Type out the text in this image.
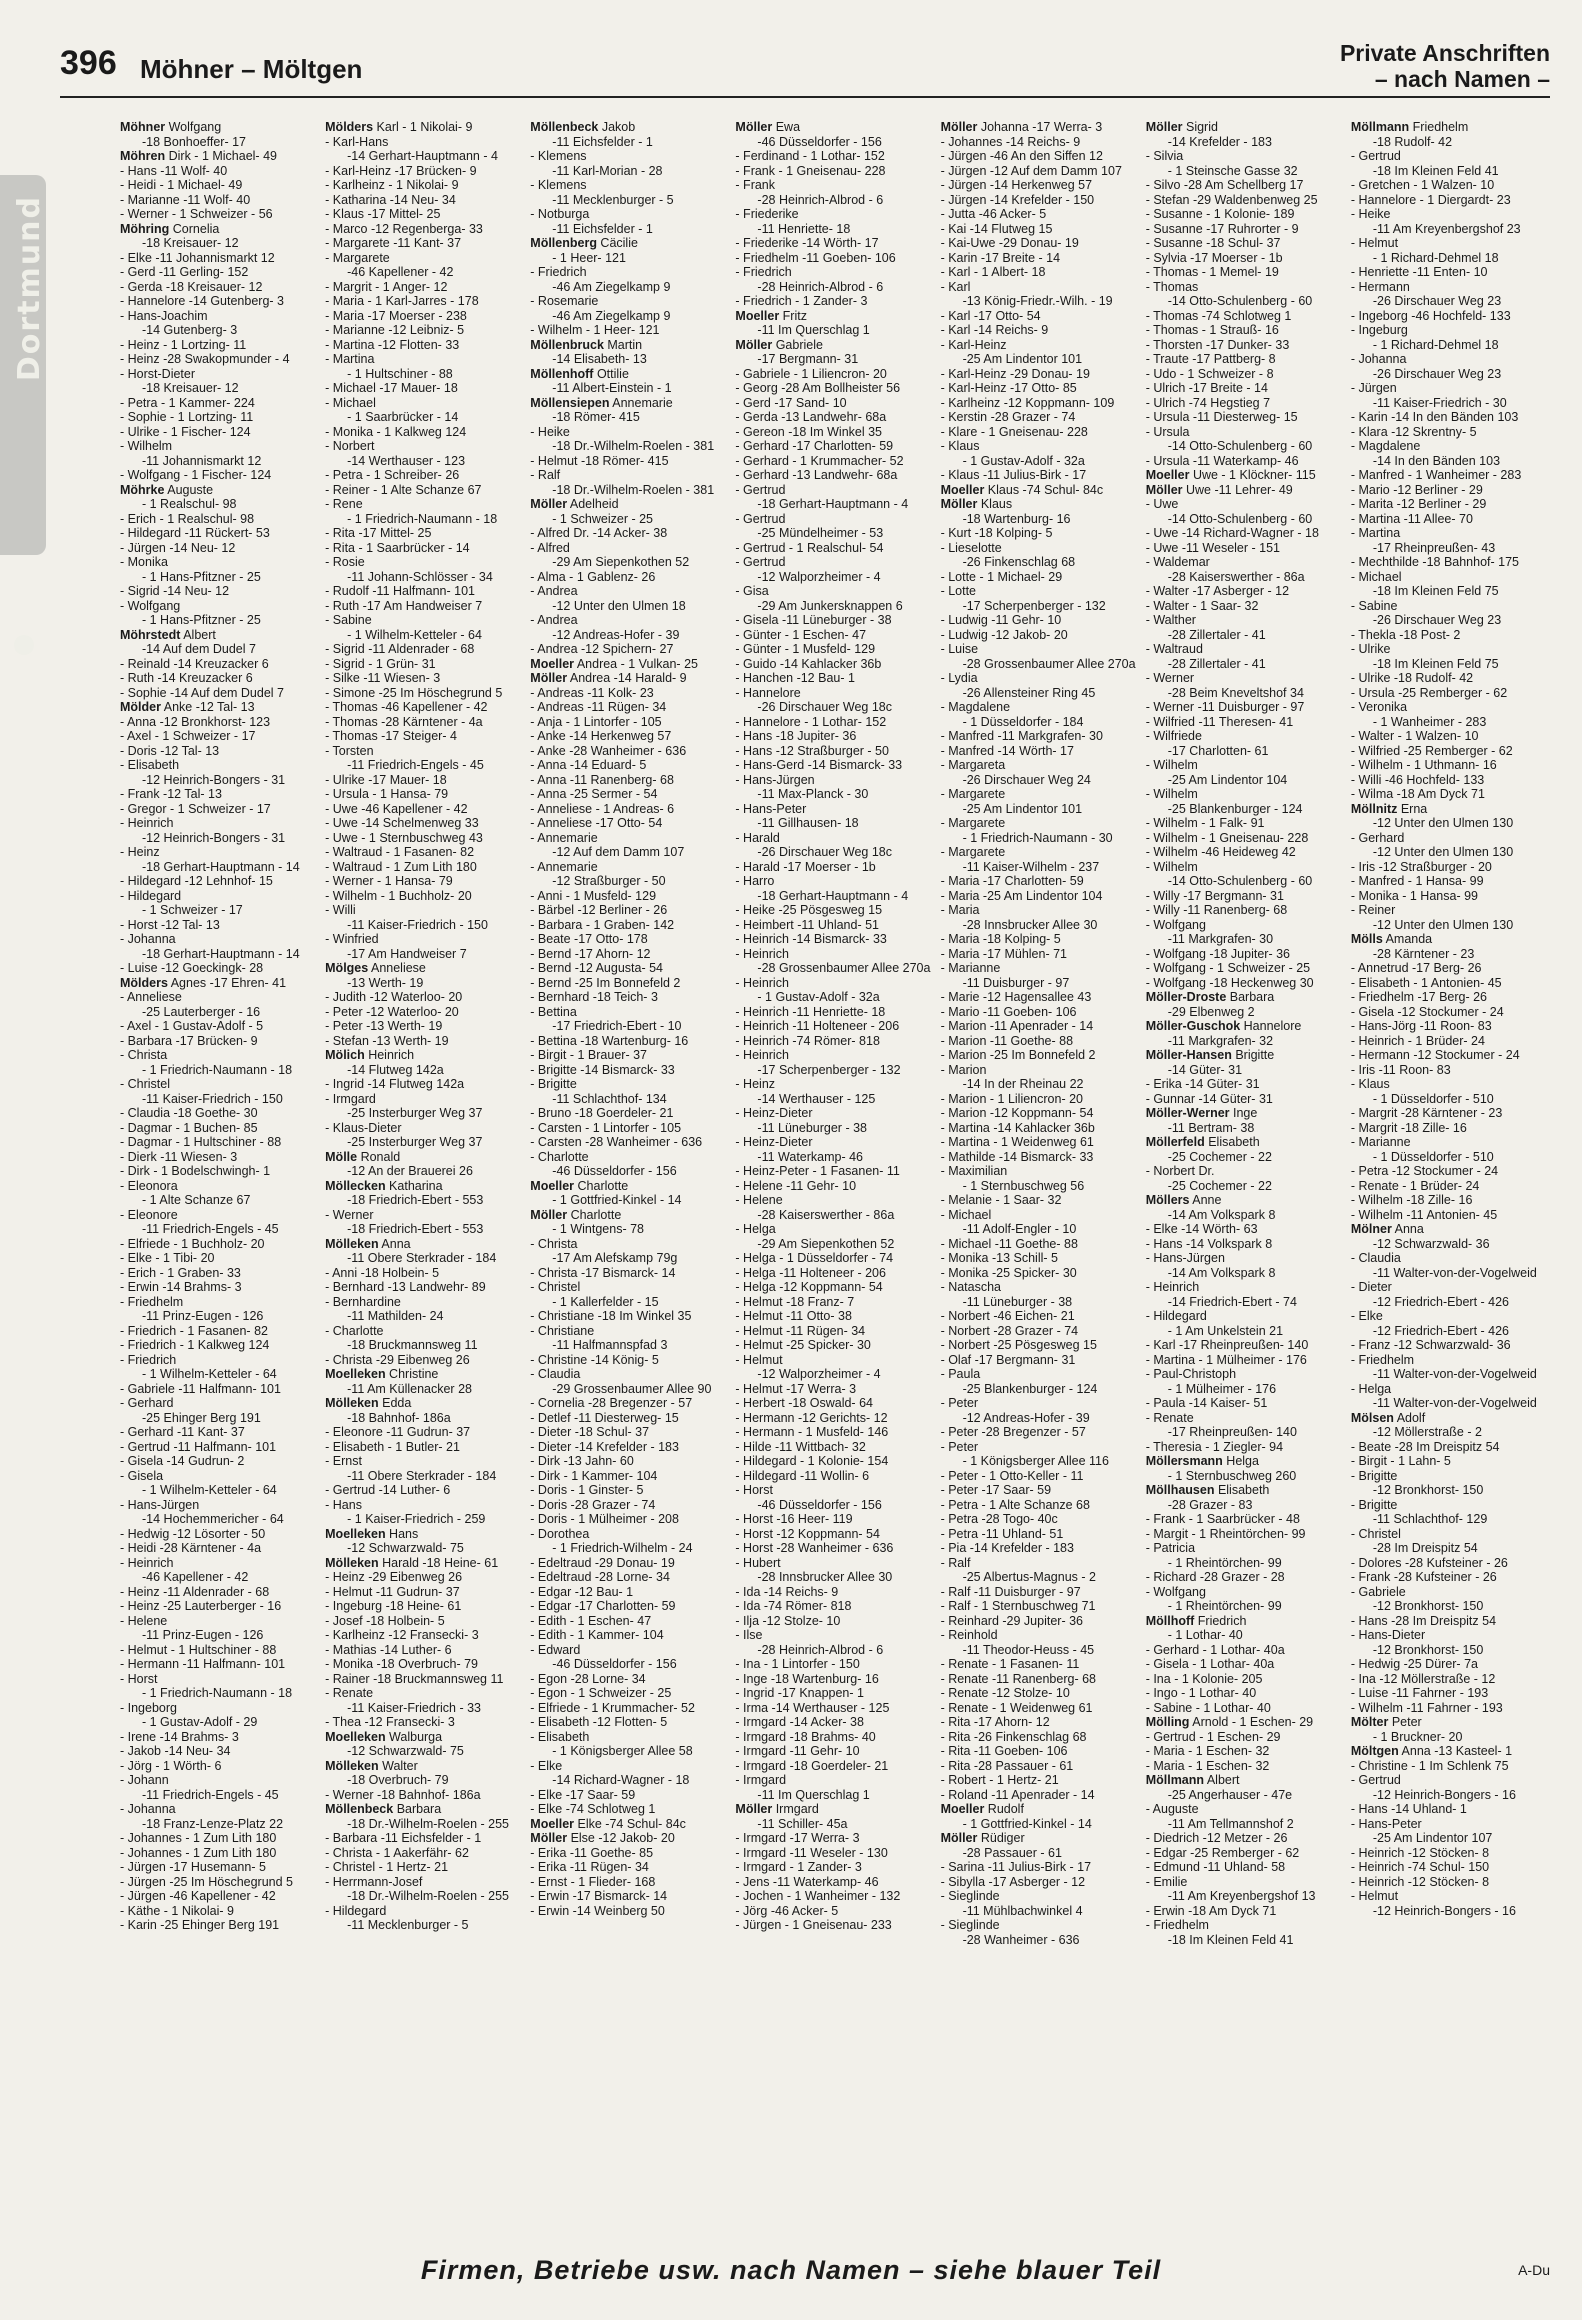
396 Möhner – Möltgen
Private Anschriften
– nach Namen –
Dortmund
Möhner Wolfgang
-18 Bonhoeffer- 17
Möhren Dirk - 1 Michael- 49
- Hans -11 Wolf- 40
- Heidi - 1 Michael- 49
- Marianne -11 Wolf- 40
- Werner - 1 Schweizer - 56
Möhring Cornelia
-18 Kreisauer- 12
- Elke -11 Johannismarkt 12
- Gerd -11 Gerling- 152
- Gerda -18 Kreisauer- 12
- Hannelore -14 Gutenberg- 3
- Hans-Joachim
-14 Gutenberg- 3
- Heinz - 1 Lortzing- 11
- Heinz -28 Swakopmunder - 4
- Horst-Dieter
-18 Kreisauer- 12
- Petra - 1 Kammer- 224
- Sophie - 1 Lortzing- 11
- Ulrike - 1 Fischer- 124
- Wilhelm
-11 Johannismarkt 12
- Wolfgang - 1 Fischer- 124
Möhrke Auguste
- 1 Realschul- 98
- Erich - 1 Realschul- 98
- Hildegard -11 Rückert- 53
- Jürgen -14 Neu- 12
- Monika
- 1 Hans-Pfitzner - 25
- Sigrid -14 Neu- 12
- Wolfgang
- 1 Hans-Pfitzner - 25
Möhrstedt Albert
-14 Auf dem Dudel 7
- Reinald -14 Kreuzacker 6
- Ruth -14 Kreuzacker 6
- Sophie -14 Auf dem Dudel 7
Mölder Anke -12 Tal- 13
- Anna -12 Bronkhorst- 123
- Axel - 1 Schweizer - 17
- Doris -12 Tal- 13
- Elisabeth
-12 Heinrich-Bongers - 31
- Frank -12 Tal- 13
- Gregor - 1 Schweizer - 17
- Heinrich
-12 Heinrich-Bongers - 31
- Heinz
-18 Gerhart-Hauptmann - 14
- Hildegard -12 Lehnhof- 15
- Hildegard
- 1 Schweizer - 17
- Horst -12 Tal- 13
- Johanna
-18 Gerhart-Hauptmann - 14
- Luise -12 Goeckingk- 28
Mölders Agnes -17 Ehren- 41
- Anneliese
-25 Lauterberger - 16
- Axel - 1 Gustav-Adolf - 5
- Barbara -17 Brücken- 9
- Christa
- 1 Friedrich-Naumann - 18
- Christel
-11 Kaiser-Friedrich - 150
- Claudia -18 Goethe- 30
- Dagmar - 1 Buchen- 85
- Dagmar - 1 Hultschiner - 88
- Dierk -11 Wiesen- 3
- Dirk - 1 Bodelschwingh- 1
- Eleonora
- 1 Alte Schanze 67
- Eleonore
-11 Friedrich-Engels - 45
- Elfriede - 1 Buchholz- 20
- Elke - 1 Tibi- 20
- Erich - 1 Graben- 33
- Erwin -14 Brahms- 3
- Friedhelm
-11 Prinz-Eugen - 126
- Friedrich - 1 Fasanen- 82
- Friedrich - 1 Kalkweg 124
- Friedrich
- 1 Wilhelm-Ketteler - 64
- Gabriele -11 Halfmann- 101
- Gerhard
-25 Ehinger Berg 191
- Gerhard -11 Kant- 37
- Gertrud -11 Halfmann- 101
- Gisela -14 Gudrun- 2
- Gisela
- 1 Wilhelm-Ketteler - 64
- Hans-Jürgen
-14 Hochemmericher - 64
- Hedwig -12 Lösorter - 50
- Heidi -28 Kärntener - 4a
- Heinrich
-46 Kapellener - 42
- Heinz -11 Aldenrader - 68
- Heinz -25 Lauterberger - 16
- Helene
-11 Prinz-Eugen - 126
- Helmut - 1 Hultschiner - 88
- Hermann -11 Halfmann- 101
- Horst
- 1 Friedrich-Naumann - 18
- Ingeborg
- 1 Gustav-Adolf - 29
- Irene -14 Brahms- 3
- Jakob -14 Neu- 34
- Jörg - 1 Wörth- 6
- Johann
-11 Friedrich-Engels - 45
- Johanna
-18 Franz-Lenze-Platz 22
- Johannes - 1 Zum Lith 180
- Johannes - 1 Zum Lith 180
- Jürgen -17 Husemann- 5
- Jürgen -25 Im Höschegrund 5
- Jürgen -46 Kapellener - 42
- Käthe - 1 Nikolai- 9
- Karin -25 Ehinger Berg 191
Mölders Karl - 1 Nikolai- 9
- Karl-Hans
-14 Gerhart-Hauptmann - 4
- Karl-Heinz -17 Brücken- 9
- Karlheinz - 1 Nikolai- 9
- Katharina -14 Neu- 34
- Klaus -17 Mittel- 25
- Marco -12 Regenberga- 33
- Margarete -11 Kant- 37
- Margarete
-46 Kapellener - 42
- Margrit - 1 Anger- 12
- Maria - 1 Karl-Jarres - 178
- Maria -17 Moerser - 238
- Marianne -12 Leibniz- 5
- Martina -12 Flotten- 33
- Martina
- 1 Hultschiner - 88
- Michael -17 Mauer- 18
- Michael
- 1 Saarbrücker - 14
- Monika - 1 Kalkweg 124
- Norbert
-14 Werthauser - 123
- Petra - 1 Schreiber- 26
- Reiner - 1 Alte Schanze 67
- Rene
- 1 Friedrich-Naumann - 18
- Rita -17 Mittel- 25
- Rita - 1 Saarbrücker - 14
- Rosie
-11 Johann-Schlösser - 34
- Rudolf -11 Halfmann- 101
- Ruth -17 Am Handweiser 7
- Sabine
- 1 Wilhelm-Ketteler - 64
- Sigrid -11 Aldenrader - 68
- Sigrid - 1 Grün- 31
- Silke -11 Wiesen- 3
- Simone -25 Im Höschegrund 5
- Thomas -46 Kapellener - 42
- Thomas -28 Kärntener - 4a
- Thomas -17 Steiger- 4
- Torsten
-11 Friedrich-Engels - 45
- Ulrike -17 Mauer- 18
- Ursula - 1 Hansa- 79
- Uwe -46 Kapellener - 42
- Uwe -14 Schelmenweg 33
- Uwe - 1 Sternbuschweg 43
- Waltraud - 1 Fasanen- 82
- Waltraud - 1 Zum Lith 180
- Werner - 1 Hansa- 79
- Wilhelm - 1 Buchholz- 20
- Willi
-11 Kaiser-Friedrich - 150
- Winfried
-17 Am Handweiser 7
Mölges Anneliese
-13 Werth- 19
- Judith -12 Waterloo- 20
- Peter -12 Waterloo- 20
- Peter -13 Werth- 19
- Stefan -13 Werth- 19
Mölich Heinrich
-14 Flutweg 142a
- Ingrid -14 Flutweg 142a
- Irmgard
-25 Insterburger Weg 37
- Klaus-Dieter
-25 Insterburger Weg 37
Mölle Ronald
-12 An der Brauerei 26
Möllecken Katharina
-18 Friedrich-Ebert - 553
- Werner
-18 Friedrich-Ebert - 553
Mölleken Anna
-11 Obere Sterkrader - 184
- Anni -18 Holbein- 5
- Bernhard -13 Landwehr- 89
- Bernhardine
-11 Mathilden- 24
- Charlotte
-18 Bruckmannsweg 11
- Christa -29 Eibenweg 26
Moelleken Christine
-11 Am Küllenacker 28
Mölleken Edda
-18 Bahnhof- 186a
- Eleonore -11 Gudrun- 37
- Elisabeth - 1 Butler- 21
- Ernst
-11 Obere Sterkrader - 184
- Gertrud -14 Luther- 6
- Hans
- 1 Kaiser-Friedrich - 259
Moelleken Hans
-12 Schwarzwald- 75
Mölleken Harald -18 Heine- 61
- Heinz -29 Eibenweg 26
- Helmut -11 Gudrun- 37
- Ingeburg -18 Heine- 61
- Josef -18 Holbein- 5
- Karlheinz -12 Fransecki- 3
- Mathias -14 Luther- 6
- Monika -18 Overbruch- 79
- Rainer -18 Bruckmannsweg 11
- Renate
-11 Kaiser-Friedrich - 33
- Thea -12 Fransecki- 3
Moelleken Walburga
-12 Schwarzwald- 75
Mölleken Walter
-18 Overbruch- 79
- Werner -18 Bahnhof- 186a
Möllenbeck Barbara
-18 Dr.-Wilhelm-Roelen - 255
- Barbara -11 Eichsfelder - 1
- Christa - 1 Aakerfähr- 62
- Christel - 1 Hertz- 21
- Herrmann-Josef
-18 Dr.-Wilhelm-Roelen - 255
- Hildegard
-11 Mecklenburger - 5
Möllenbeck Jakob
-11 Eichsfelder - 1
- Klemens
-11 Karl-Morian - 28
- Klemens
-11 Mecklenburger - 5
- Notburga
-11 Eichsfelder - 1
Möllenberg Cäcilie
- 1 Heer- 121
- Friedrich
-46 Am Ziegelkamp 9
- Rosemarie
-46 Am Ziegelkamp 9
- Wilhelm - 1 Heer- 121
Möllenbruck Martin
-14 Elisabeth- 13
Möllenhoff Ottilie
-11 Albert-Einstein - 1
Möllensiepen Annemarie
-18 Römer- 415
- Heike
-18 Dr.-Wilhelm-Roelen - 381
- Helmut -18 Römer- 415
- Ralf
-18 Dr.-Wilhelm-Roelen - 381
Möller Adelheid
- 1 Schweizer - 25
- Alfred Dr. -14 Acker- 38
- Alfred
-29 Am Siepenkothen 52
- Alma - 1 Gablenz- 26
- Andrea
-12 Unter den Ulmen 18
- Andrea
-12 Andreas-Hofer - 39
- Andrea -12 Spichern- 27
Moeller Andrea - 1 Vulkan- 25
Möller Andrea -14 Harald- 9
- Andreas -11 Kolk- 23
- Andreas -11 Rügen- 34
- Anja - 1 Lintorfer - 105
- Anke -14 Herkenweg 57
- Anke -28 Wanheimer - 636
- Anna -14 Eduard- 5
- Anna -11 Ranenberg- 68
- Anna -25 Sermer - 54
- Anneliese - 1 Andreas- 6
- Anneliese -17 Otto- 54
- Annemarie
-12 Auf dem Damm 107
- Annemarie
-12 Straßburger - 50
- Anni - 1 Musfeld- 129
- Bärbel -12 Berliner - 26
- Barbara - 1 Graben- 142
- Beate -17 Otto- 178
- Bernd -17 Ahorn- 12
- Bernd -12 Augusta- 54
- Bernd -25 Im Bonnefeld 2
- Bernhard -18 Teich- 3
- Bettina
-17 Friedrich-Ebert - 10
- Bettina -18 Wartenburg- 16
- Birgit - 1 Brauer- 37
- Brigitte -14 Bismarck- 33
- Brigitte
-11 Schlachthof- 134
- Bruno -18 Goerdeler- 21
- Carsten - 1 Lintorfer - 105
- Carsten -28 Wanheimer - 636
- Charlotte
-46 Düsseldorfer - 156
Moeller Charlotte
- 1 Gottfried-Kinkel - 14
Möller Charlotte
- 1 Wintgens- 78
- Christa
-17 Am Alefskamp 79g
- Christa -17 Bismarck- 14
- Christel
- 1 Kallerfelder - 15
- Christiane -18 Im Winkel 35
- Christiane
-11 Halfmannspfad 3
- Christine -14 König- 5
- Claudia
-29 Grossenbaumer Allee 90
- Cornelia -28 Bregenzer - 57
- Detlef -11 Diesterweg- 15
- Dieter -18 Schul- 37
- Dieter -14 Krefelder - 183
- Dirk -13 Jahn- 60
- Dirk - 1 Kammer- 104
- Doris - 1 Ginster- 5
- Doris -28 Grazer - 74
- Doris - 1 Mülheimer - 208
- Dorothea
- 1 Friedrich-Wilhelm - 24
- Edeltraud -29 Donau- 19
- Edeltraud -28 Lorne- 34
- Edgar -12 Bau- 1
- Edgar -17 Charlotten- 59
- Edith - 1 Eschen- 47
- Edith - 1 Kammer- 104
- Edward
-46 Düsseldorfer - 156
- Egon -28 Lorne- 34
- Egon - 1 Schweizer - 25
- Elfriede - 1 Krummacher- 52
- Elisabeth -12 Flotten- 5
- Elisabeth
- 1 Königsberger Allee 58
- Elke
-14 Richard-Wagner - 18
- Elke -17 Saar- 59
- Elke -74 Schlotweg 1
Moeller Elke -74 Schul- 84c
Möller Else -12 Jakob- 20
- Erika -11 Goethe- 85
- Erika -11 Rügen- 34
- Ernst - 1 Flieder- 168
- Erwin -17 Bismarck- 14
- Erwin -14 Weinberg 50
Möller Ewa
-46 Düsseldorfer - 156
- Ferdinand - 1 Lothar- 152
- Frank - 1 Gneisenau- 228
- Frank
-28 Heinrich-Albrod - 6
- Friederike
-11 Henriette- 18
- Friederike -14 Wörth- 17
- Friedhelm -11 Goeben- 106
- Friedrich
-28 Heinrich-Albrod - 6
- Friedrich - 1 Zander- 3
Moeller Fritz
-11 Im Querschlag 1
Möller Gabriele
-17 Bergmann- 31
- Gabriele - 1 Liliencron- 20
- Georg -28 Am Bollheister 56
- Gerd -17 Sand- 10
- Gerda -13 Landwehr- 68a
- Gereon -18 Im Winkel 35
- Gerhard -17 Charlotten- 59
- Gerhard - 1 Krummacher- 52
- Gerhard -13 Landwehr- 68a
- Gertrud
-18 Gerhart-Hauptmann - 4
- Gertrud
-25 Mündelheimer - 53
- Gertrud - 1 Realschul- 54
- Gertrud
-12 Walporzheimer - 4
- Gisa
-29 Am Junkersknappen 6
- Gisela -11 Lüneburger - 38
- Günter - 1 Eschen- 47
- Günter - 1 Musfeld- 129
- Guido -14 Kahlacker 36b
- Hanchen -12 Bau- 1
- Hannelore
-26 Dirschauer Weg 18c
- Hannelore - 1 Lothar- 152
- Hans -18 Jupiter- 36
- Hans -12 Straßburger - 50
- Hans-Gerd -14 Bismarck- 33
- Hans-Jürgen
-11 Max-Planck - 30
- Hans-Peter
-11 Gillhausen- 18
- Harald
-26 Dirschauer Weg 18c
- Harald -17 Moerser - 1b
- Harro
-18 Gerhart-Hauptmann - 4
- Heike -25 Pösgesweg 15
- Heimbert -11 Uhland- 51
- Heinrich -14 Bismarck- 33
- Heinrich
-28 Grossenbaumer Allee 270a
- Heinrich
- 1 Gustav-Adolf - 32a
- Heinrich -11 Henriette- 18
- Heinrich -11 Holteneer - 206
- Heinrich -74 Römer- 818
- Heinrich
-17 Scherpenberger - 132
- Heinz
-14 Werthauser - 125
- Heinz-Dieter
-11 Lüneburger - 38
- Heinz-Dieter
-11 Waterkamp- 46
- Heinz-Peter - 1 Fasanen- 11
- Helene -11 Gehr- 10
- Helene
-28 Kaiserswerther - 86a
- Helga
-29 Am Siepenkothen 52
- Helga - 1 Düsseldorfer - 74
- Helga -11 Holteneer - 206
- Helga -12 Koppmann- 54
- Helmut -18 Franz- 7
- Helmut -11 Otto- 38
- Helmut -11 Rügen- 34
- Helmut -25 Spicker- 30
- Helmut
-12 Walporzheimer - 4
- Helmut -17 Werra- 3
- Herbert -18 Oswald- 64
- Hermann -12 Gerichts- 12
- Hermann - 1 Musfeld- 146
- Hilde -11 Wittbach- 32
- Hildegard - 1 Kolonie- 154
- Hildegard -11 Wollin- 6
- Horst
-46 Düsseldorfer - 156
- Horst -16 Heer- 119
- Horst -12 Koppmann- 54
- Horst -28 Wanheimer - 636
- Hubert
-28 Innsbrucker Allee 30
- Ida -14 Reichs- 9
- Ida -74 Römer- 818
- Ilja -12 Stolze- 10
- Ilse
-28 Heinrich-Albrod - 6
- Ina - 1 Lintorfer - 150
- Inge -18 Wartenburg- 16
- Ingrid -17 Knappen- 1
- Irma -14 Werthauser - 125
- Irmgard -14 Acker- 38
- Irmgard -18 Brahms- 40
- Irmgard -11 Gehr- 10
- Irmgard -18 Goerdeler- 21
- Irmgard
-11 Im Querschlag 1
Möller Irmgard
-11 Schiller- 45a
- Irmgard -17 Werra- 3
- Irmgard -11 Weseler - 130
- Irmgard - 1 Zander- 3
- Jens -11 Waterkamp- 46
- Jochen - 1 Wanheimer - 132
- Jörg -46 Acker- 5
- Jürgen - 1 Gneisenau- 233
Möller Johanna -17 Werra- 3
- Johannes -14 Reichs- 9
- Jürgen -46 An den Siffen 12
- Jürgen -12 Auf dem Damm 107
- Jürgen -14 Herkenweg 57
- Jürgen -14 Krefelder - 150
- Jutta -46 Acker- 5
- Kai -14 Flutweg 15
- Kai-Uwe -29 Donau- 19
- Karin -17 Breite - 14
- Karl - 1 Albert- 18
- Karl
-13 König-Friedr.-Wilh. - 19
- Karl -17 Otto- 54
- Karl -14 Reichs- 9
- Karl-Heinz
-25 Am Lindentor 101
- Karl-Heinz -29 Donau- 19
- Karl-Heinz -17 Otto- 85
- Karlheinz -12 Koppmann- 109
- Kerstin -28 Grazer - 74
- Klare - 1 Gneisenau- 228
- Klaus
- 1 Gustav-Adolf - 32a
- Klaus -11 Julius-Birk - 17
Moeller Klaus -74 Schul- 84c
Möller Klaus
-18 Wartenburg- 16
- Kurt -18 Kolping- 5
- Lieselotte
-26 Finkenschlag 68
- Lotte - 1 Michael- 29
- Lotte
-17 Scherpenberger - 132
- Ludwig -11 Gehr- 10
- Ludwig -12 Jakob- 20
- Luise
-28 Grossenbaumer Allee 270a
- Lydia
-26 Allensteiner Ring 45
- Magdalene
- 1 Düsseldorfer - 184
- Manfred -11 Markgrafen- 30
- Manfred -14 Wörth- 17
- Margareta
-26 Dirschauer Weg 24
- Margarete
-25 Am Lindentor 101
- Margarete
- 1 Friedrich-Naumann - 30
- Margarete
-11 Kaiser-Wilhelm - 237
- Maria -17 Charlotten- 59
- Maria -25 Am Lindentor 104
- Maria
-28 Innsbrucker Allee 30
- Maria -18 Kolping- 5
- Maria -17 Mühlen- 71
- Marianne
-11 Duisburger - 97
- Marie -12 Hagensallee 43
- Mario -11 Goeben- 106
- Marion -11 Apenrader - 14
- Marion -11 Goethe- 88
- Marion -25 Im Bonnefeld 2
- Marion
-14 In der Rheinau 22
- Marion - 1 Liliencron- 20
- Marion -12 Koppmann- 54
- Martina -14 Kahlacker 36b
- Martina - 1 Weidenweg 61
- Mathilde -14 Bismarck- 33
- Maximilian
- 1 Sternbuschweg 56
- Melanie - 1 Saar- 32
- Michael
-11 Adolf-Engler - 10
- Michael -11 Goethe- 88
- Monika -13 Schill- 5
- Monika -25 Spicker- 30
- Natascha
-11 Lüneburger - 38
- Norbert -46 Eichen- 21
- Norbert -28 Grazer - 74
- Norbert -25 Pösgesweg 15
- Olaf -17 Bergmann- 31
- Paula
-25 Blankenburger - 124
- Peter
-12 Andreas-Hofer - 39
- Peter -28 Bregenzer - 57
- Peter
- 1 Königsberger Allee 116
- Peter - 1 Otto-Keller - 11
- Peter -17 Saar- 59
- Petra - 1 Alte Schanze 68
- Petra -28 Togo- 40c
- Petra -11 Uhland- 51
- Pia -14 Krefelder - 183
- Ralf
-25 Albertus-Magnus - 2
- Ralf -11 Duisburger - 97
- Ralf - 1 Sternbuschweg 71
- Reinhard -29 Jupiter- 36
- Reinhold
-11 Theodor-Heuss - 45
- Renate - 1 Fasanen- 11
- Renate -11 Ranenberg- 68
- Renate -12 Stolze- 10
- Renate - 1 Weidenweg 61
- Rita -17 Ahorn- 12
- Rita -26 Finkenschlag 68
- Rita -11 Goeben- 106
- Rita -28 Passauer - 61
- Robert - 1 Hertz- 21
- Roland -11 Apenrader - 14
Moeller Rudolf
- 1 Gottfried-Kinkel - 14
Möller Rüdiger
-28 Passauer - 61
- Sarina -11 Julius-Birk - 17
- Sibylla -17 Asberger - 12
- Sieglinde
-11 Mühlbachwinkel 4
- Sieglinde
-28 Wanheimer - 636
Möller Sigrid
-14 Krefelder - 183
- Silvia
- 1 Steinsche Gasse 32
- Silvo -28 Am Schellberg 17
- Stefan -29 Waldenbenweg 25
- Susanne - 1 Kolonie- 189
- Susanne -17 Ruhrorter - 9
- Susanne -18 Schul- 37
- Sylvia -17 Moerser - 1b
- Thomas - 1 Memel- 19
- Thomas
-14 Otto-Schulenberg - 60
- Thomas -74 Schlotweg 1
- Thomas - 1 Strauß- 16
- Thorsten -17 Dunker- 33
- Traute -17 Pattberg- 8
- Udo - 1 Schweizer - 8
- Ulrich -17 Breite - 14
- Ulrich -74 Hegstieg 7
- Ursula -11 Diesterweg- 15
- Ursula
-14 Otto-Schulenberg - 60
- Ursula -11 Waterkamp- 46
Moeller Uwe - 1 Klöckner- 115
Möller Uwe -11 Lehrer- 49
- Uwe
-14 Otto-Schulenberg - 60
- Uwe -14 Richard-Wagner - 18
- Uwe -11 Weseler - 151
- Waldemar
-28 Kaiserswerther - 86a
- Walter -17 Asberger - 12
- Walter - 1 Saar- 32
- Walther
-28 Zillertaler - 41
- Waltraud
-28 Zillertaler - 41
- Werner
-28 Beim Kneveltshof 34
- Werner -11 Duisburger - 97
- Wilfried -11 Theresen- 41
- Wilfriede
-17 Charlotten- 61
- Wilhelm
-25 Am Lindentor 104
- Wilhelm
-25 Blankenburger - 124
- Wilhelm - 1 Falk- 91
- Wilhelm - 1 Gneisenau- 228
- Wilhelm -46 Heideweg 42
- Wilhelm
-14 Otto-Schulenberg - 60
- Willy -17 Bergmann- 31
- Willy -11 Ranenberg- 68
- Wolfgang
-11 Markgrafen- 30
- Wolfgang -18 Jupiter- 36
- Wolfgang - 1 Schweizer - 25
- Wolfgang -18 Heckenweg 30
Möller-Droste Barbara
-29 Elbenweg 2
Möller-Guschok Hannelore
-11 Markgrafen- 32
Möller-Hansen Brigitte
-14 Güter- 31
- Erika -14 Güter- 31
- Gunnar -14 Güter- 31
Möller-Werner Inge
-11 Bertram- 38
Möllerfeld Elisabeth
-25 Cochemer - 22
- Norbert Dr.
-25 Cochemer - 22
Möllers Anne
-14 Am Volkspark 8
- Elke -14 Wörth- 63
- Hans -14 Volkspark 8
- Hans-Jürgen
-14 Am Volkspark 8
- Heinrich
-14 Friedrich-Ebert - 74
- Hildegard
- 1 Am Unkelstein 21
- Karl -17 Rheinpreußen- 140
- Martina - 1 Mülheimer - 176
- Paul-Christoph
- 1 Mülheimer - 176
- Paula -14 Kaiser- 51
- Renate
-17 Rheinpreußen- 140
- Theresia - 1 Ziegler- 94
Möllersmann Helga
- 1 Sternbuschweg 260
Möllhausen Elisabeth
-28 Grazer - 83
- Frank - 1 Saarbrücker - 48
- Margit - 1 Rheintörchen- 99
- Patricia
- 1 Rheintörchen- 99
- Richard -28 Grazer - 28
- Wolfgang
- 1 Rheintörchen- 99
Möllhoff Friedrich
- 1 Lothar- 40
- Gerhard - 1 Lothar- 40a
- Gisela - 1 Lothar- 40a
- Ina - 1 Kolonie- 205
- Ingo - 1 Lothar- 40
- Sabine - 1 Lothar- 40
Mölling Arnold - 1 Eschen- 29
- Gertrud - 1 Eschen- 29
- Maria - 1 Eschen- 32
- Maria - 1 Eschen- 32
Möllmann Albert
-25 Angerhauser - 47e
- Auguste
-11 Am Tellmannshof 2
- Diedrich -12 Metzer - 26
- Edgar -25 Remberger - 62
- Edmund -11 Uhland- 58
- Emilie
-11 Am Kreyenbergshof 13
- Erwin -18 Am Dyck 71
- Friedhelm
-18 Im Kleinen Feld 41
Möllmann Friedhelm
-18 Rudolf- 42
- Gertrud
-18 Im Kleinen Feld 41
- Gretchen - 1 Walzen- 10
- Hannelore - 1 Diergardt- 23
- Heike
-11 Am Kreyenbergshof 23
- Helmut
- 1 Richard-Dehmel 18
- Henriette -11 Enten- 10
- Hermann
-26 Dirschauer Weg 23
- Ingeborg -46 Hochfeld- 133
- Ingeburg
- 1 Richard-Dehmel 18
- Johanna
-26 Dirschauer Weg 23
- Jürgen
-11 Kaiser-Friedrich - 30
- Karin -14 In den Bänden 103
- Klara -12 Skrentny- 5
- Magdalene
-14 In den Bänden 103
- Manfred - 1 Wanheimer - 283
- Mario -12 Berliner - 29
- Marita -12 Berliner - 29
- Martina -11 Allee- 70
- Martina
-17 Rheinpreußen- 43
- Mechthilde -18 Bahnhof- 175
- Michael
-18 Im Kleinen Feld 75
- Sabine
-26 Dirschauer Weg 23
- Thekla -18 Post- 2
- Ulrike
-18 Im Kleinen Feld 75
- Ulrike -18 Rudolf- 42
- Ursula -25 Remberger - 62
- Veronika
- 1 Wanheimer - 283
- Walter - 1 Walzen- 10
- Wilfried -25 Remberger - 62
- Wilhelm - 1 Uthmann- 16
- Willi -46 Hochfeld- 133
- Wilma -18 Am Dyck 71
Möllnitz Erna
-12 Unter den Ulmen 130
- Gerhard
-12 Unter den Ulmen 130
- Iris -12 Straßburger - 20
- Manfred - 1 Hansa- 99
- Monika - 1 Hansa- 99
- Reiner
-12 Unter den Ulmen 130
Mölls Amanda
-28 Kärntener - 23
- Annetrud -17 Berg- 26
- Elisabeth - 1 Antonien- 45
- Friedhelm -17 Berg- 26
- Gisela -12 Stockumer - 24
- Hans-Jörg -11 Roon- 83
- Heinrich - 1 Brüder- 24
- Hermann -12 Stockumer - 24
- Iris -11 Roon- 83
- Klaus
- 1 Düsseldorfer - 510
- Margrit -28 Kärntener - 23
- Margrit -18 Zille- 16
- Marianne
- 1 Düsseldorfer - 510
- Petra -12 Stockumer - 24
- Renate - 1 Brüder- 24
- Wilhelm -18 Zille- 16
- Wilhelm -11 Antonien- 45
Mölner Anna
-12 Schwarzwald- 36
- Claudia
-11 Walter-von-der-Vogelweid
- Dieter
-12 Friedrich-Ebert - 426
- Elke
-12 Friedrich-Ebert - 426
- Franz -12 Schwarzwald- 36
- Friedhelm
-11 Walter-von-der-Vogelweid
- Helga
-11 Walter-von-der-Vogelweid
Mölsen Adolf
-12 Möllerstraße - 2
- Beate -28 Im Dreispitz 54
- Birgit - 1 Lahn- 5
- Brigitte
-12 Bronkhorst- 150
- Brigitte
-11 Schlachthof- 129
- Christel
-28 Im Dreispitz 54
- Dolores -28 Kufsteiner - 26
- Frank -28 Kufsteiner - 26
- Gabriele
-12 Bronkhorst- 150
- Hans -28 Im Dreispitz 54
- Hans-Dieter
-12 Bronkhorst- 150
- Hedwig -25 Dürer- 7a
- Ina -12 Möllerstraße - 12
- Luise -11 Fahrner - 193
- Wilhelm -11 Fahrner - 193
Mölter Peter
- 1 Bruckner- 20
Möltgen Anna -13 Kasteel- 1
- Christine - 1 Im Schlenk 75
- Gertrud
-12 Heinrich-Bongers - 16
- Hans -14 Uhland- 1
- Hans-Peter
-25 Am Lindentor 107
- Heinrich -12 Stöcken- 8
- Heinrich -74 Schul- 150
- Heinrich -12 Stöcken- 8
- Helmut
-12 Heinrich-Bongers - 16
Firmen, Betriebe usw. nach Namen – siehe blauer Teil	A-Du
